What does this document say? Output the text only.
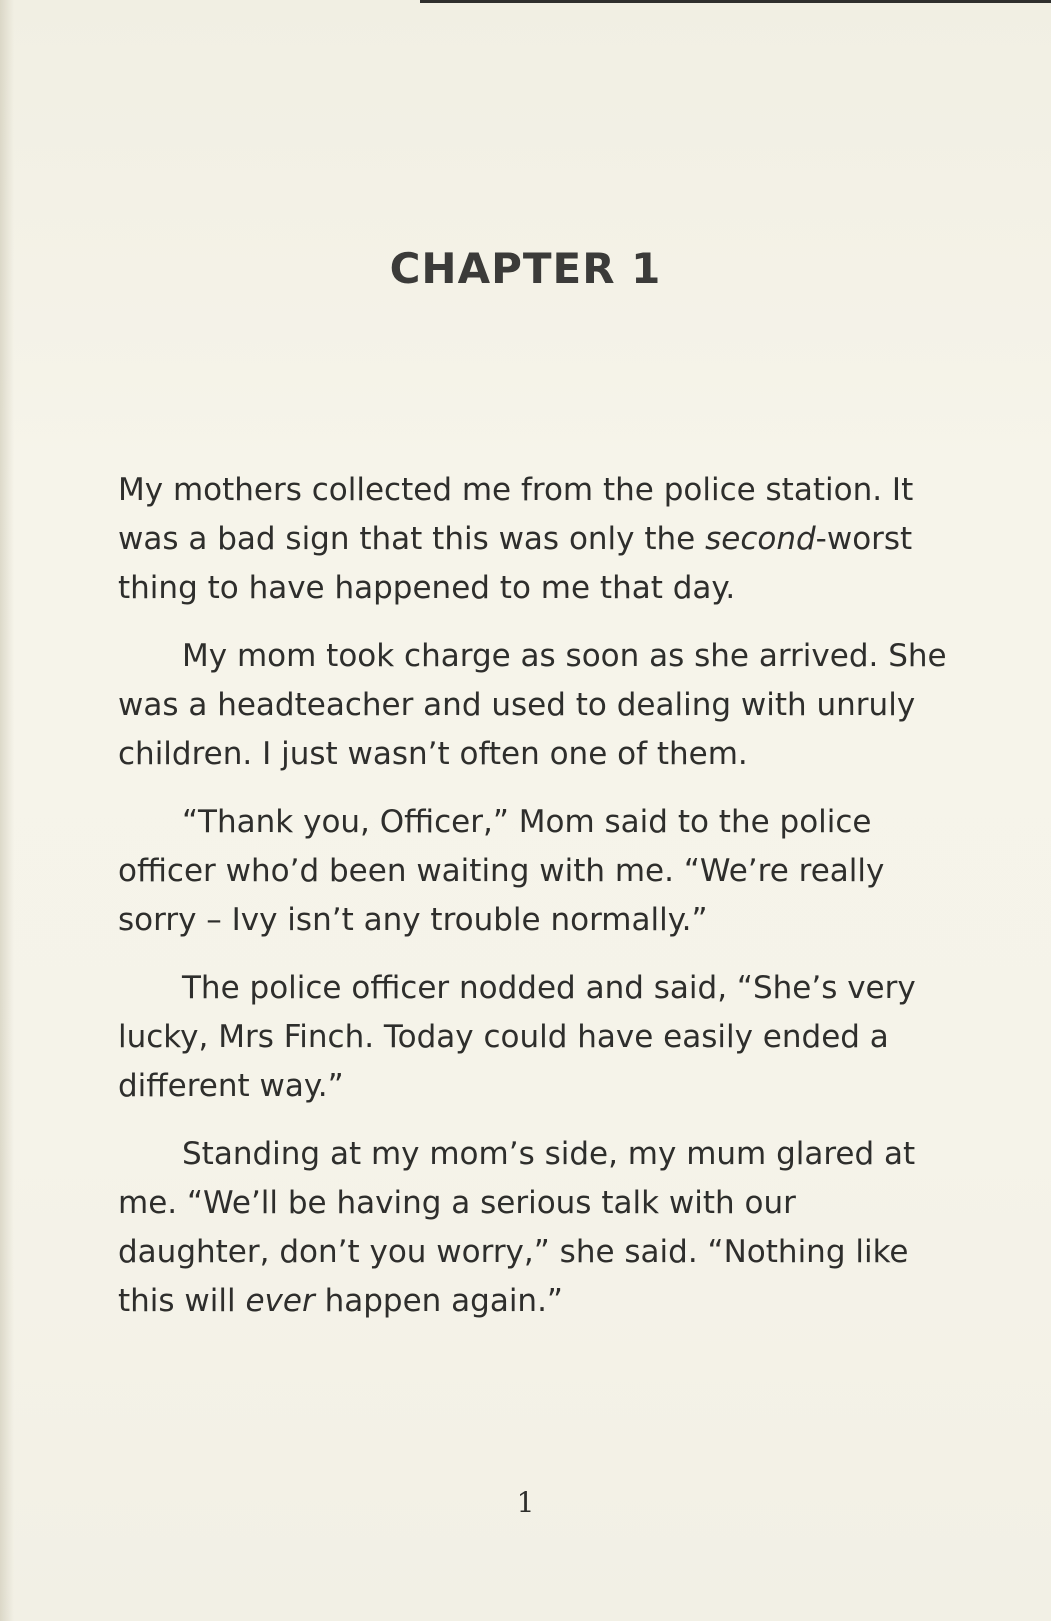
CHAPTER 1

My mothers collected me from the police station. It was a bad sign that this was only the second-worst thing to have happened to me that day.

My mom took charge as soon as she arrived. She was a headteacher and used to dealing with unruly children. I just wasn’t often one of them.

“Thank you, Officer,” Mom said to the police officer who’d been waiting with me. “We’re really sorry – Ivy isn’t any trouble normally.”

The police officer nodded and said, “She’s very lucky, Mrs Finch. Today could have easily ended a different way.”

Standing at my mom’s side, my mum glared at me. “We’ll be having a serious talk with our daughter, don’t you worry,” she said. “Nothing like this will ever happen again.”

1
